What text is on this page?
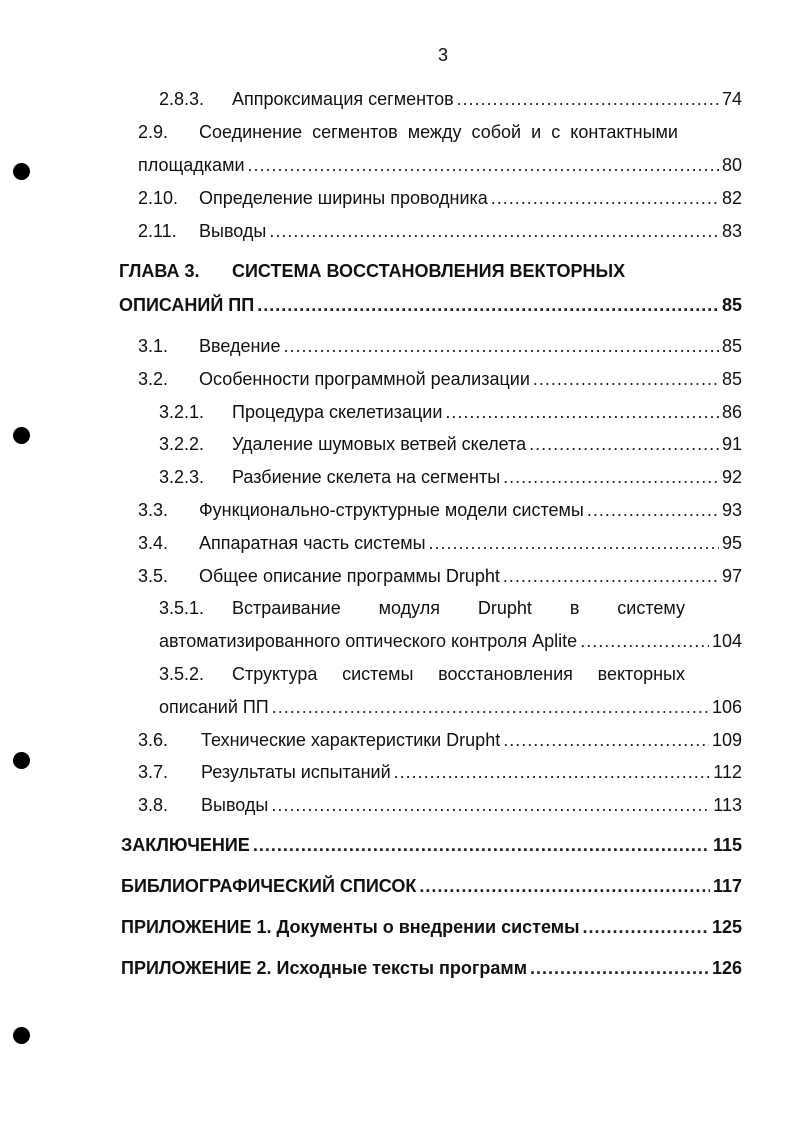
3
2.8.3.	Аппроксимация сегментов .....	74
2.9.	Соединение сегментов между собой и с контактными
площадками .....	80
2.10.	Определение ширины проводника .....	82
2.11.	Выводы .....	83
ГЛАВА 3.	СИСТЕМА ВОССТАНОВЛЕНИЯ ВЕКТОРНЫХ
ОПИСАНИЙ ПП .....	85
3.1.	Введение .....	85
3.2.	Особенности программной реализации .....	85
3.2.1.	Процедура скелетизации .....	86
3.2.2.	Удаление шумовых ветвей скелета .....	91
3.2.3.	Разбиение скелета на сегменты .....	92
3.3.	Функционально-структурные модели системы .....	93
3.4.	Аппаратная часть системы .....	95
3.5.	Общее описание программы Drupht .....	97
3.5.1.	Встраивание модуля Drupht в систему
автоматизированного оптического контроля Aplite .....	104
3.5.2.	Структура системы восстановления векторных
описаний ПП .....	106
3.6.	Технические характеристики Drupht .....	109
3.7.	Результаты испытаний .....	112
3.8.	Выводы .....	113
ЗАКЛЮЧЕНИЕ .....	115
БИБЛИОГРАФИЧЕСКИЙ СПИСОК .....	117
ПРИЛОЖЕНИЕ 1. Документы о внедрении системы .....	125
ПРИЛОЖЕНИЕ 2. Исходные тексты программ .....	126
